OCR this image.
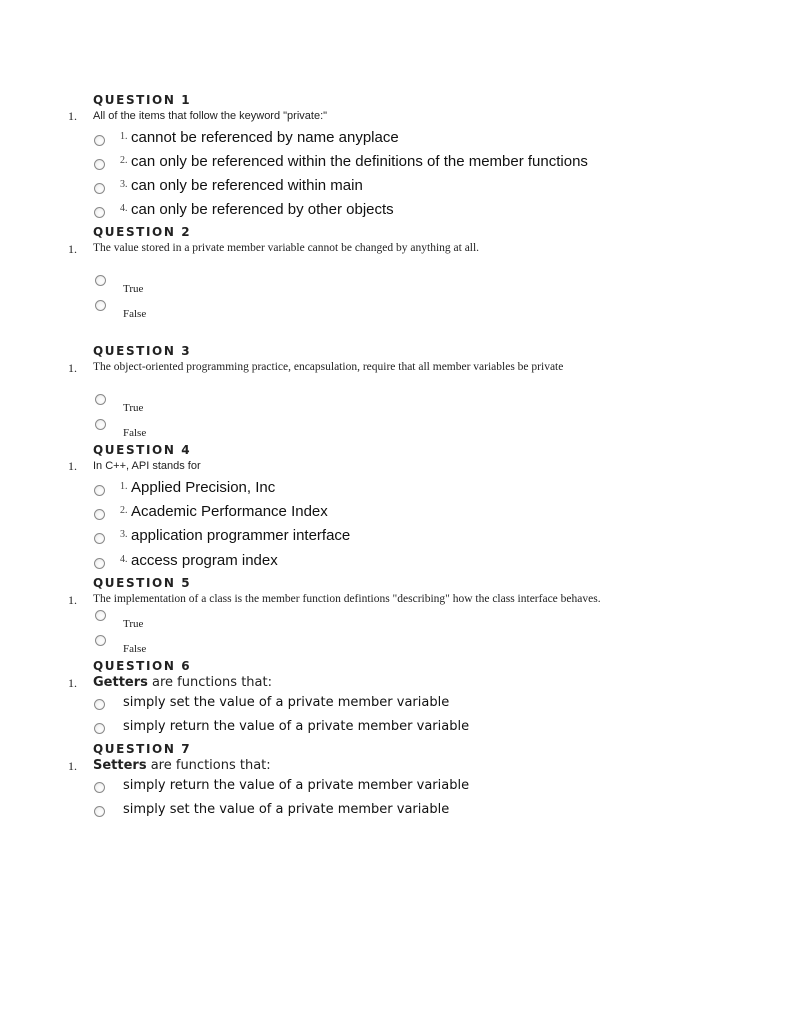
QUESTION 1
1. All of the items that follow the keyword "private:"
1. cannot be referenced by name anyplace
2. can only be referenced within the definitions of the member functions
3. can only be referenced within main
4. can only be referenced by other objects
QUESTION 2
1. The value stored in a private member variable cannot be changed by anything at all.
True
False
QUESTION 3
1. The object-oriented programming practice, encapsulation, require that all member variables be private
True
False
QUESTION 4
1. In C++, API stands for
1. Applied Precision, Inc
2. Academic Performance Index
3. application programmer interface
4. access program index
QUESTION 5
1. The implementation of a class is the member function defintions "describing" how the class interface behaves.
True
False
QUESTION 6
1. Getters are functions that:
simply set the value of a private member variable
simply return the value of a private member variable
QUESTION 7
1. Setters are functions that:
simply return the value of a private member variable
simply set the value of a private member variable
